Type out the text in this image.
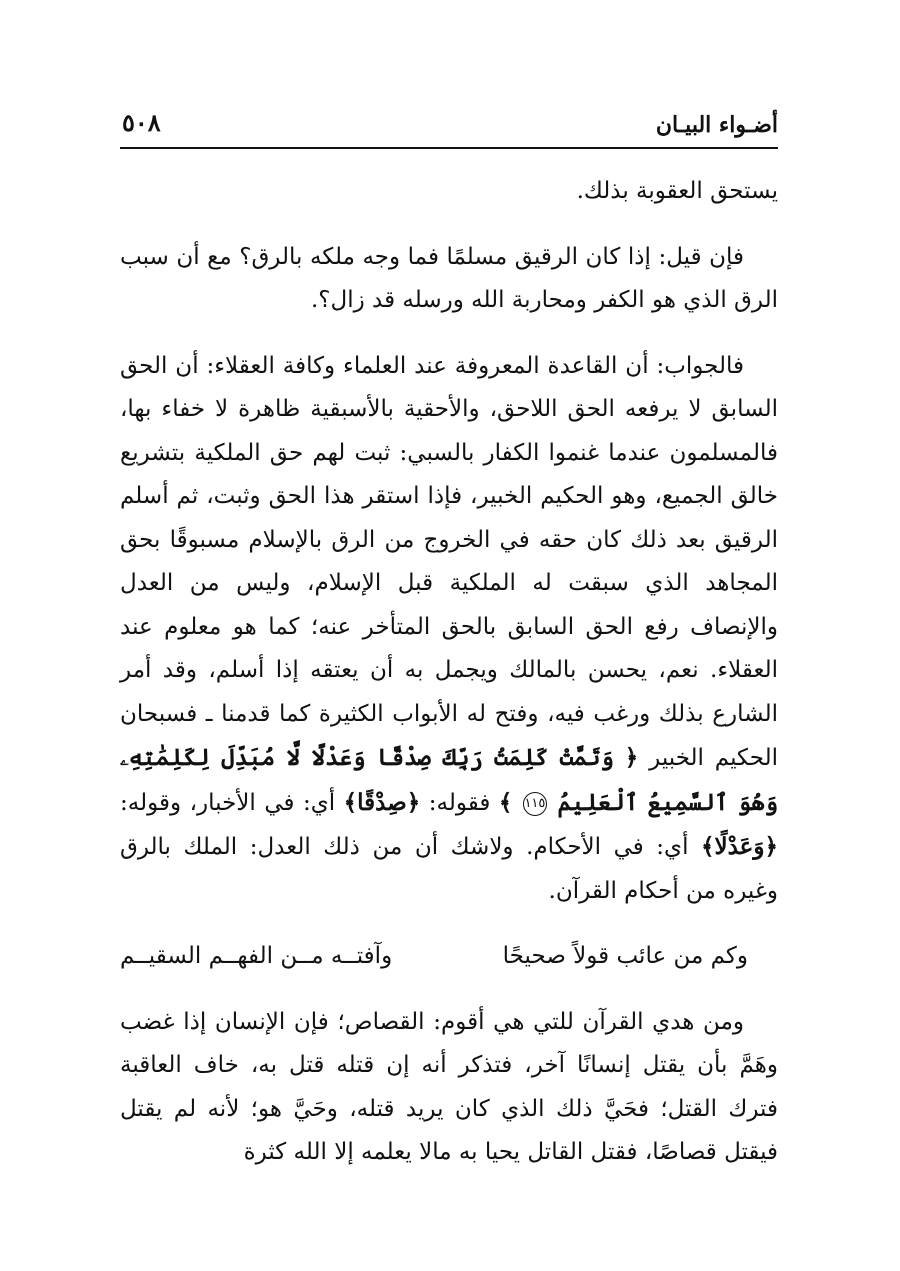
أضـواء البيـان
٥٠٨

يستحق العقوبة بذلك.

فإن قيل: إذا كان الرقيق مسلمًا فما وجه ملكه بالرق؟ مع أن سبب الرق الذي هو الكفر ومحاربة الله ورسله قد زال؟.

فالجواب: أن القاعدة المعروفة عند العلماء وكافة العقلاء: أن الحق السابق لا يرفعه الحق اللاحق، والأحقية بالأسبقية ظاهرة لا خفاء بها، فالمسلمون عندما غنموا الكفار بالسبي: ثبت لهم حق الملكية بتشريع خالق الجميع، وهو الحكيم الخبير، فإذا استقر هذا الحق وثبت، ثم أسلم الرقيق بعد ذلك كان حقه في الخروج من الرق بالإسلام مسبوقًا بحق المجاهد الذي سبقت له الملكية قبل الإسلام، وليس من العدل والإنصاف رفع الحق السابق بالحق المتأخر عنه؛ كما هو معلوم عند العقلاء. نعم، يحسن بالمالك ويجمل به أن يعتقه إذا أسلم، وقد أمر الشارع بذلك ورغب فيه، وفتح له الأبواب الكثيرة كما قدمنا ـ فسبحان الحكيم الخبير ﴿ وَتَمَّتْ كَلِمَتُ رَبِّكَ صِدْقًا وَعَدْلًا لَّا مُبَدِّلَ لِكَلِمَٰتِهِۦ وَهُوَ ٱلسَّمِيعُ ٱلْعَلِيمُ ١١٥ ﴾ فقوله: ﴿صِدْقًا﴾ أي: في الأخبار، وقوله: ﴿وَعَدْلًا﴾ أي: في الأحكام. ولاشك أن من ذلك العدل: الملك بالرق وغيره من أحكام القرآن.

وكم من عائب قولاً صحيحًا
وآفتــه مــن الفهــم السقيــم

ومن هدي القرآن للتي هي أقوم: القصاص؛ فإن الإنسان إذا غضب وهَمَّ بأن يقتل إنسانًا آخر، فتذكر أنه إن قتله قتل به، خاف العاقبة فترك القتل؛ فحَيَّ ذلك الذي كان يريد قتله، وحَيَّ هو؛ لأنه لم يقتل فيقتل قصاصًا، فقتل القاتل يحيا به مالا يعلمه إلا الله كثرة
